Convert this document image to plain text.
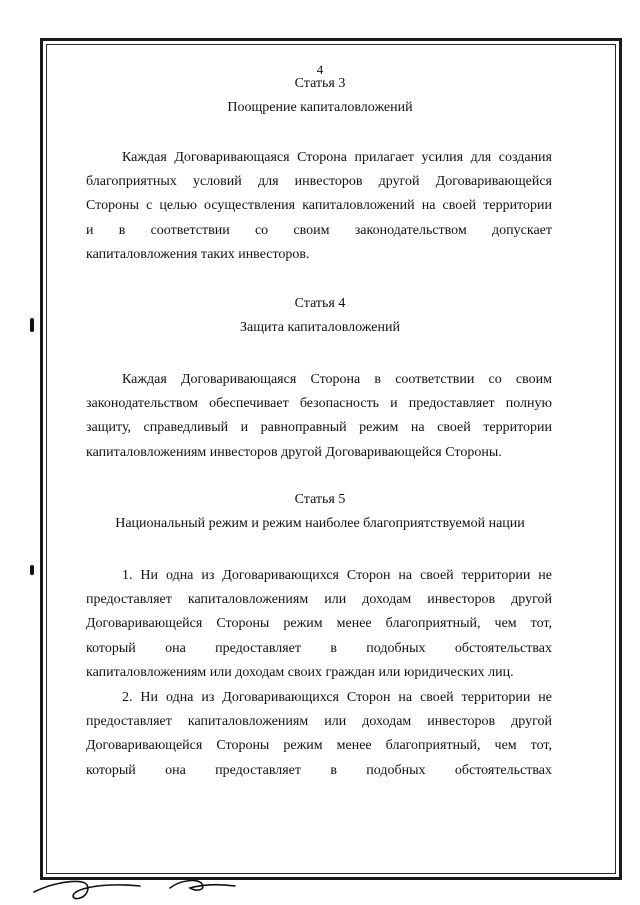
4
Статья 3
Поощрение капиталовложений
Каждая Договаривающаяся Сторона прилагает усилия для создания
благоприятных условий для инвесторов другой Договаривающейся
Стороны с целью осуществления капиталовложений на своей территории
и в соответствии со своим законодательством допускает
капиталовложения таких инвесторов.
Статья 4
Защита капиталовложений
Каждая Договаривающаяся Сторона в соответствии со своим
законодательством обеспечивает безопасность и предоставляет полную
защиту, справедливый и равноправный режим на своей территории
капиталовложениям инвесторов другой Договаривающейся Стороны.
Статья 5
Национальный режим и режим наиболее благоприятствуемой нации
1. Ни одна из Договаривающихся Сторон на своей территории не
предоставляет капиталовложениям или доходам инвесторов другой
Договаривающейся Стороны режим менее благоприятный, чем тот,
который она предоставляет в подобных обстоятельствах
капиталовложениям или доходам своих граждан или юридических лиц.
2. Ни одна из Договаривающихся Сторон на своей территории не
предоставляет капиталовложениям или доходам инвесторов другой
Договаривающейся Стороны режим менее благоприятный, чем тот,
который она предоставляет в подобных обстоятельствах
